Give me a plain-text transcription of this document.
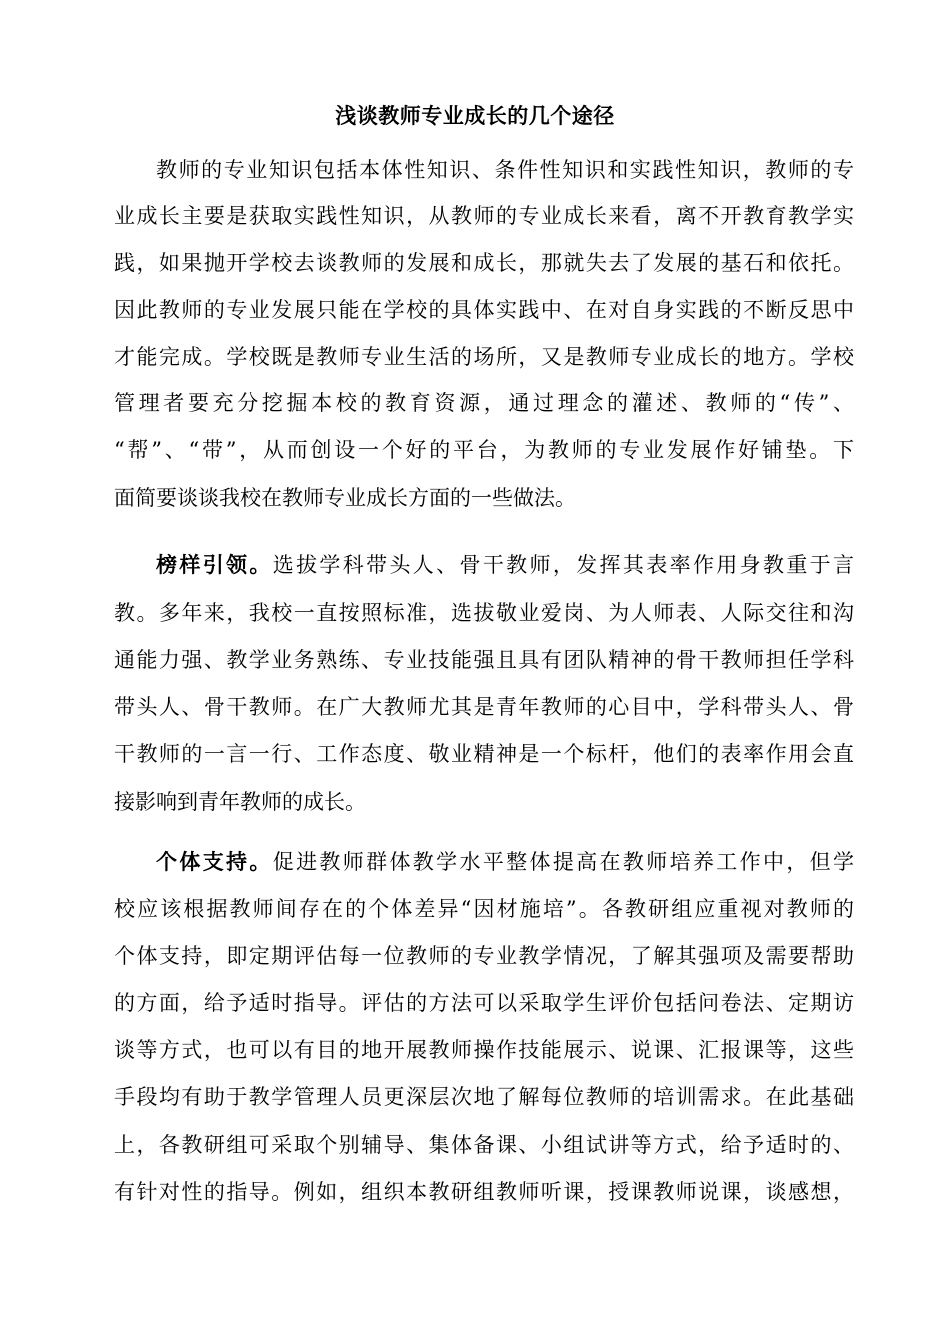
浅谈教师专业成长的几个途径
教师的专业知识包括本体性知识、条件性知识和实践性知识，教师的专
业成长主要是获取实践性知识，从教师的专业成长来看，离不开教育教学实
践，如果抛开学校去谈教师的发展和成长，那就失去了发展的基石和依托。
因此教师的专业发展只能在学校的具体实践中、在对自身实践的不断反思中
才能完成。学校既是教师专业生活的场所，又是教师专业成长的地方。学校
管理者要充分挖掘本校的教育资源，通过理念的灌述、教师的“传”、
“帮”、“带”，从而创设一个好的平台，为教师的专业发展作好铺垫。下
面简要谈谈我校在教师专业成长方面的一些做法。
榜样引领。选拔学科带头人、骨干教师，发挥其表率作用身教重于言
教。多年来，我校一直按照标准，选拔敬业爱岗、为人师表、人际交往和沟
通能力强、教学业务熟练、专业技能强且具有团队精神的骨干教师担任学科
带头人、骨干教师。在广大教师尤其是青年教师的心目中，学科带头人、骨
干教师的一言一行、工作态度、敬业精神是一个标杆，他们的表率作用会直
接影响到青年教师的成长。
个体支持。促进教师群体教学水平整体提高在教师培养工作中，但学
校应该根据教师间存在的个体差异“因材施培”。各教研组应重视对教师的
个体支持，即定期评估每一位教师的专业教学情况，了解其强项及需要帮助
的方面，给予适时指导。评估的方法可以采取学生评价包括问卷法、定期访
谈等方式，也可以有目的地开展教师操作技能展示、说课、汇报课等，这些
手段均有助于教学管理人员更深层次地了解每位教师的培训需求。在此基础
上，各教研组可采取个别辅导、集体备课、小组试讲等方式，给予适时的、
有针对性的指导。例如，组织本教研组教师听课，授课教师说课，谈感想，
